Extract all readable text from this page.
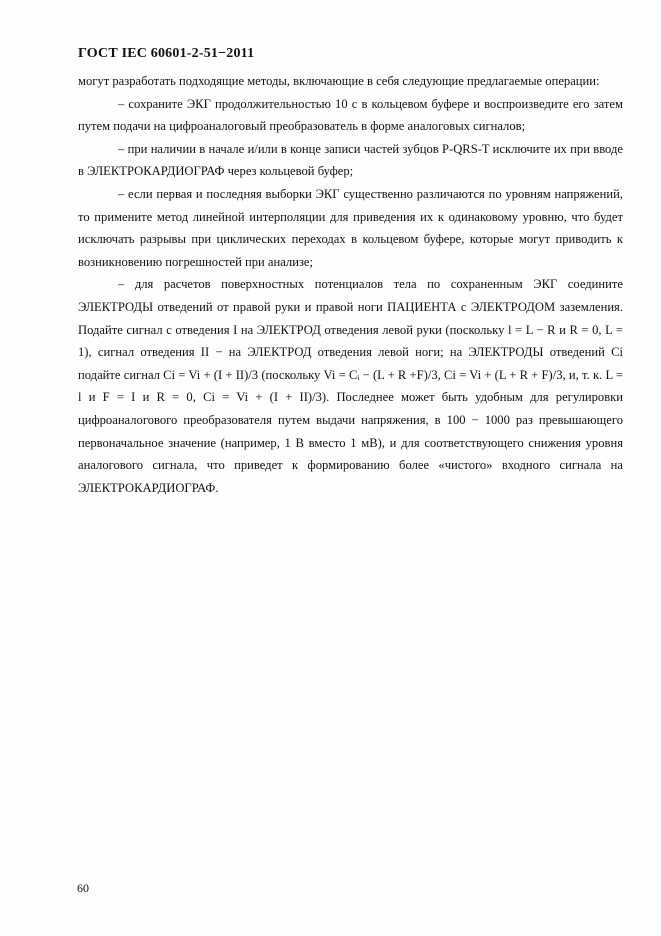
ГОСТ IEC 60601-2-51−2011

могут разработать подходящие методы, включающие в себя следующие предлагаемые операции:

– сохраните ЭКГ продолжительностью 10 с в кольцевом буфере и воспроизведите его затем путем подачи на цифроаналоговый преобразователь в форме аналоговых сигналов;

– при наличии в начале и/или в конце записи частей зубцов P-QRS-T исключите их при вводе в ЭЛЕКТРОКАРДИОГРАФ через кольцевой буфер;

– если первая и последняя выборки ЭКГ существенно различаются по уровням напряжений, то примените метод линейной интерполяции для приведения их к одинаковому уровню, что будет исключать разрывы при циклических переходах в кольцевом буфере, которые могут приводить к возникновению погрешностей при анализе;

– для расчетов поверхностных потенциалов тела по сохраненным ЭКГ соедините ЭЛЕКТРОДЫ отведений от правой руки и правой ноги ПАЦИЕНТА с ЭЛЕКТРОДОМ заземления. Подайте сигнал с отведения I на ЭЛЕКТРОД отведения левой руки (поскольку l = L − R и R = 0, L = 1), сигнал отведения II − на ЭЛЕКТРОД отведения левой ноги; на ЭЛЕКТРОДЫ отведений Ci подайте сигнал Ci = Vi + (I + II)/3 (поскольку Vi = Cᵢ − (L + R +F)/3, Ci = Vi + (L + R + F)/3, и, т. к. L = l и F = I и R = 0, Ci = Vi + (I + II)/3). Последнее может быть удобным для регулировки цифроаналогового преобразователя путем выдачи напряжения, в 100 − 1000 раз превышающего первоначальное значение (например, 1 В вместо 1 мВ), и для соответствующего снижения уровня аналогового сигнала, что приведет к формированию более «чистого» входного сигнала на ЭЛЕКТРОКАРДИОГРАФ.

60
